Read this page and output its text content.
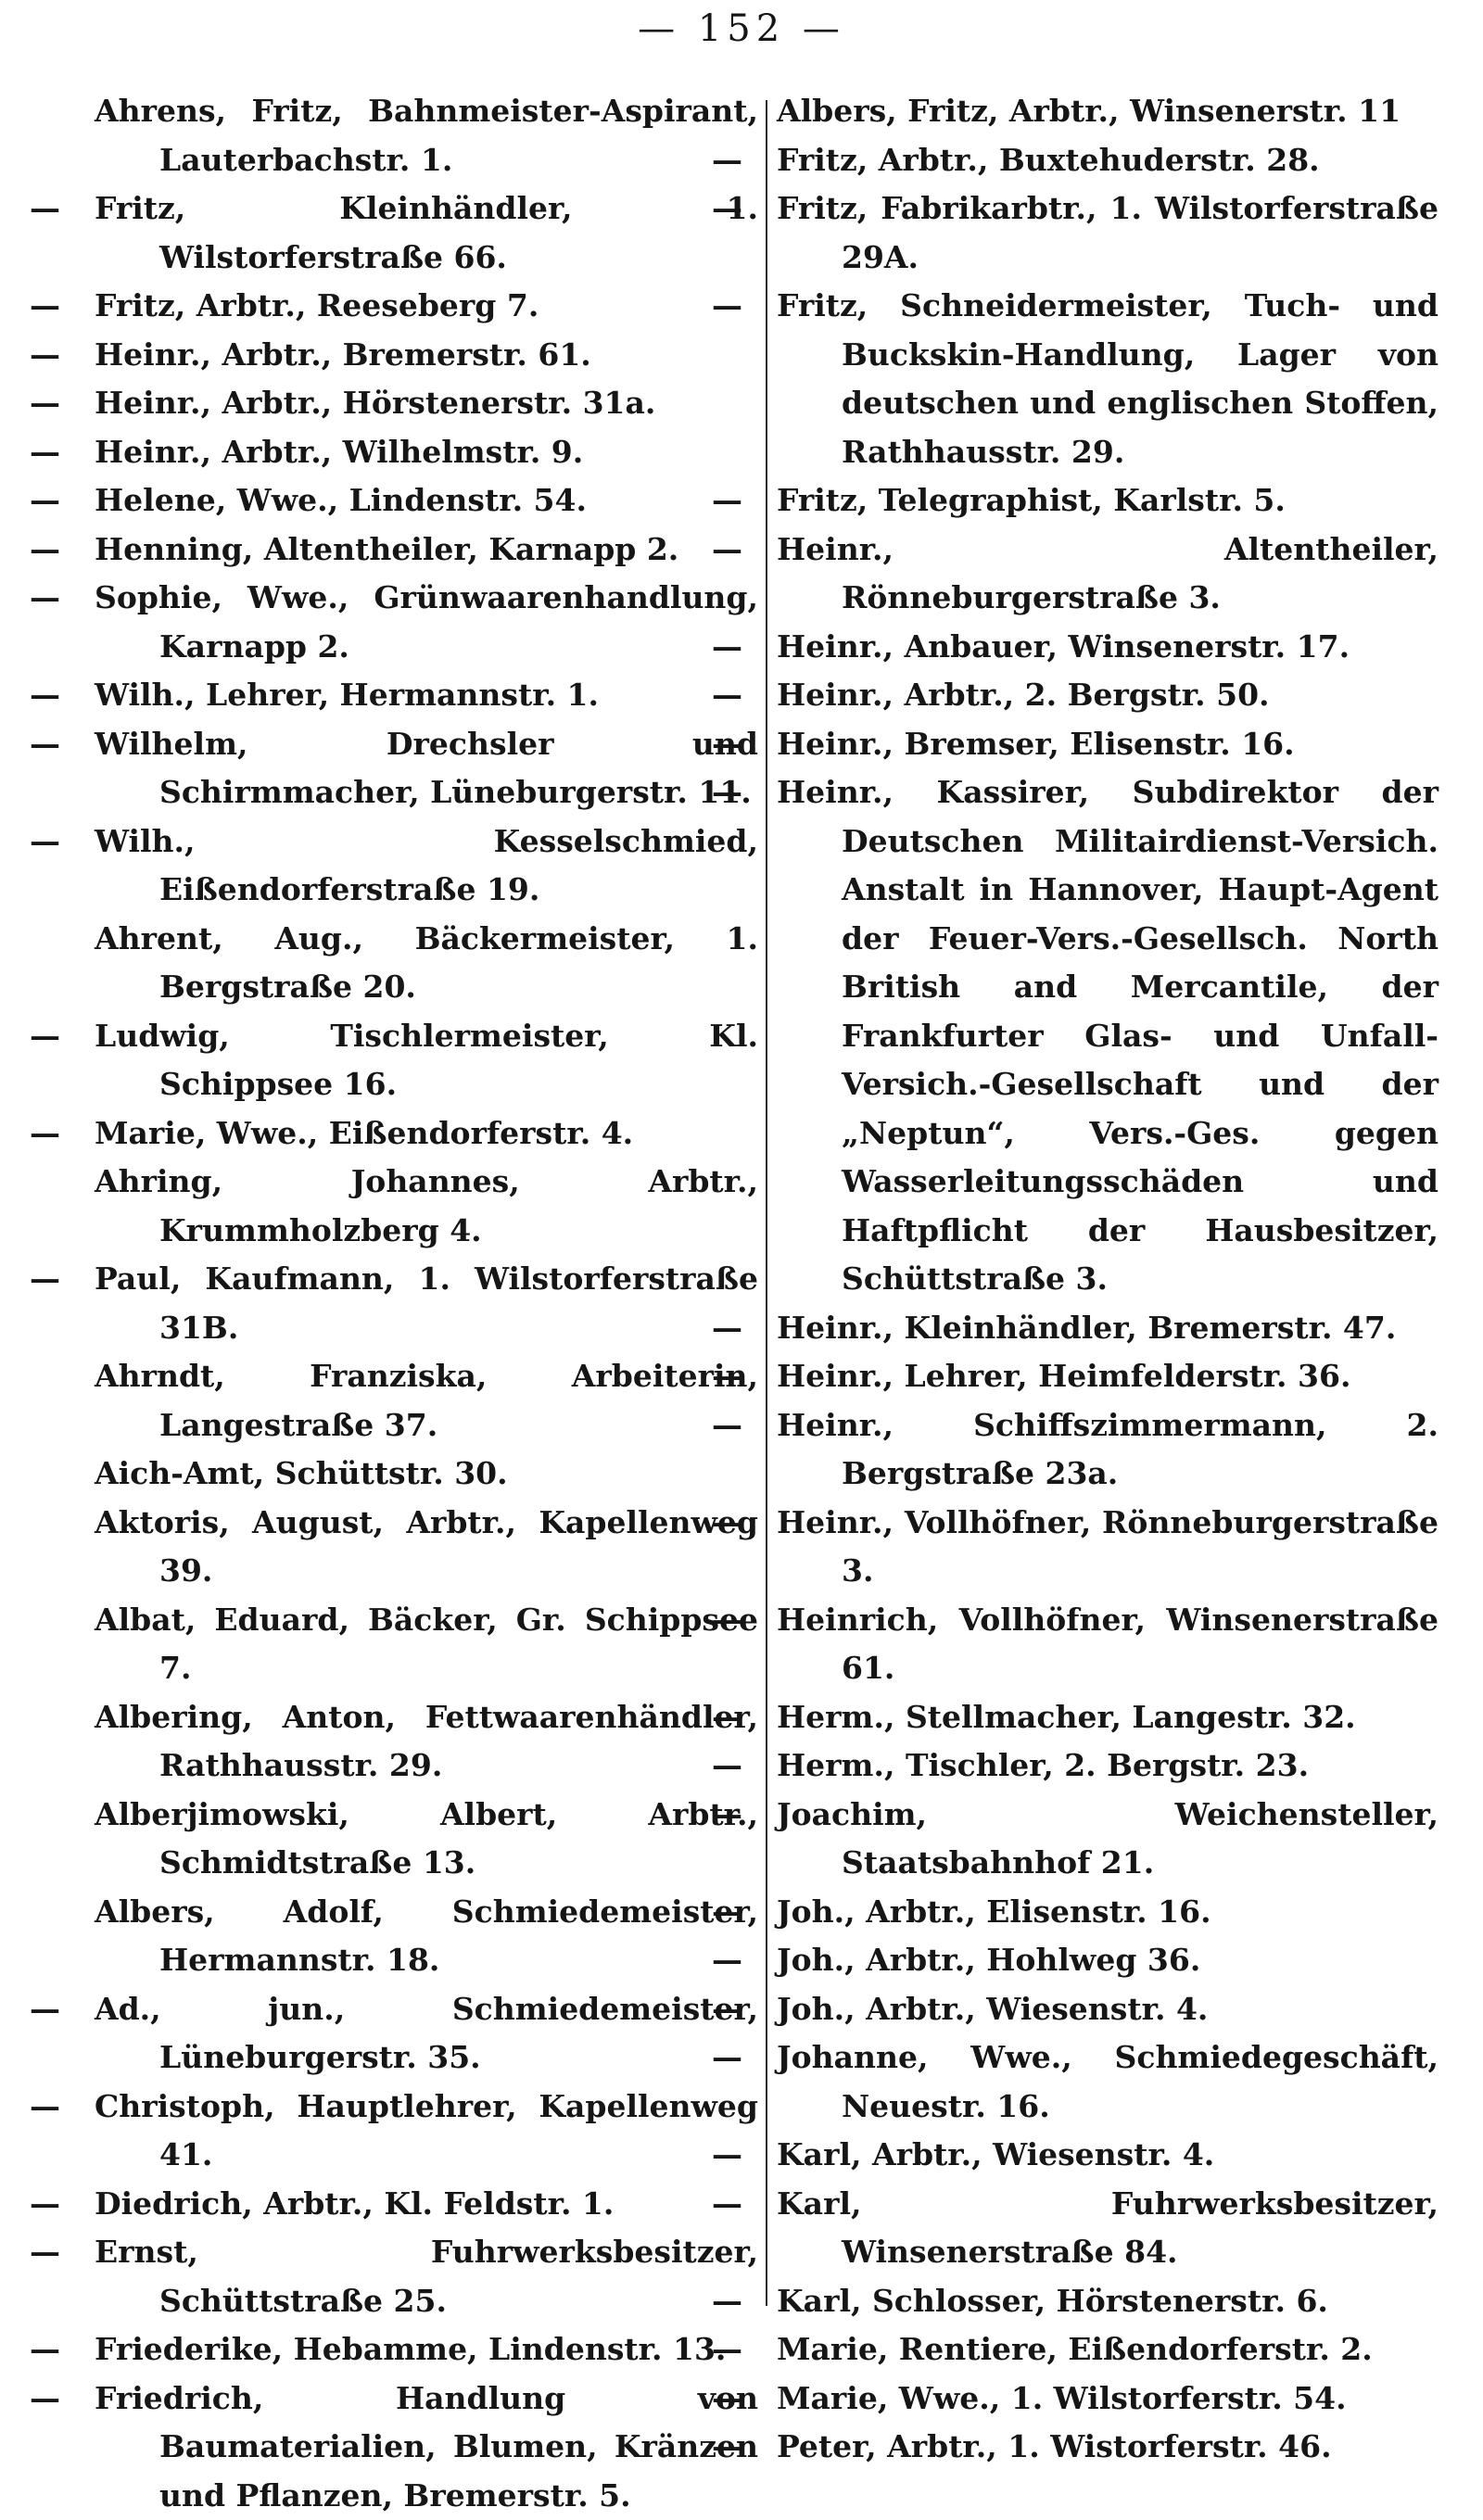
— 152 —
Ahrens, Fritz, Bahnmeister-Aspirant, Lauterbachstr. 1.
—Fritz, Kleinhändler, 1. Wilstorferstraße 66.
—Fritz, Arbtr., Reeseberg 7.
—Heinr., Arbtr., Bremerstr. 61.
—Heinr., Arbtr., Hörstenerstr. 31a.
—Heinr., Arbtr., Wilhelmstr. 9.
—Helene, Wwe., Lindenstr. 54.
—Henning, Altentheiler, Karnapp 2.
—Sophie, Wwe., Grünwaarenhandlung, Karnapp 2.
—Wilh., Lehrer, Hermannstr. 1.
—Wilhelm, Drechsler und Schirmmacher, Lüneburgerstr. 11.
—Wilh., Kesselschmied, Eißendorferstraße 19.
Ahrent, Aug., Bäckermeister, 1. Bergstraße 20.
—Ludwig, Tischlermeister, Kl. Schippsee 16.
—Marie, Wwe., Eißendorferstr. 4.
Ahring, Johannes, Arbtr., Krummholzberg 4.
—Paul, Kaufmann, 1. Wilstorferstraße 31B.
Ahrndt, Franziska, Arbeiterin, Langestraße 37.
Aich-Amt, Schüttstr. 30.
Aktoris, August, Arbtr., Kapellenweg 39.
Albat, Eduard, Bäcker, Gr. Schippsee 7.
Albering, Anton, Fettwaarenhändler, Rathhausstr. 29.
Alberjimowski, Albert, Arbtr., Schmidtstraße 13.
Albers, Adolf, Schmiedemeister, Hermannstr. 18.
—Ad., jun., Schmiedemeister, Lüneburgerstr. 35.
—Christoph, Hauptlehrer, Kapellenweg 41.
—Diedrich, Arbtr., Kl. Feldstr. 1.
—Ernst, Fuhrwerksbesitzer, Schüttstraße 25.
—Friederike, Hebamme, Lindenstr. 13.
—Friedrich, Handlung von Baumaterialien, Blumen, Kränzen und Pflanzen, Bremerstr. 5.
Albers, Fritz, Arbtr., Winsenerstr. 11
—Fritz, Arbtr., Buxtehuderstr. 28.
—Fritz, Fabrikarbtr., 1. Wilstorferstraße 29A.
—Fritz, Schneidermeister, Tuch- und Buckskin-Handlung, Lager von deutschen und englischen Stoffen, Rathhausstr. 29.
—Fritz, Telegraphist, Karlstr. 5.
—Heinr., Altentheiler, Rönneburgerstraße 3.
—Heinr., Anbauer, Winsenerstr. 17.
—Heinr., Arbtr., 2. Bergstr. 50.
—Heinr., Bremser, Elisenstr. 16.
—Heinr., Kassirer, Subdirektor der Deutschen Militairdienst-Versich. Anstalt in Hannover, Haupt-Agent der Feuer-Vers.-Gesellsch. North British and Mercantile, der Frankfurter Glas- und Unfall-Versich.-Gesellschaft und der „Neptun“, Vers.-Ges. gegen Wasserleitungsschäden und Haftpflicht der Hausbesitzer, Schüttstraße 3.
—Heinr., Kleinhändler, Bremerstr. 47.
—Heinr., Lehrer, Heimfelderstr. 36.
—Heinr., Schiffszimmermann, 2. Bergstraße 23a.
—Heinr., Vollhöfner, Rönneburgerstraße 3.
—Heinrich, Vollhöfner, Winsenerstraße 61.
—Herm., Stellmacher, Langestr. 32.
—Herm., Tischler, 2. Bergstr. 23.
—Joachim, Weichensteller, Staatsbahnhof 21.
—Joh., Arbtr., Elisenstr. 16.
—Joh., Arbtr., Hohlweg 36.
—Joh., Arbtr., Wiesenstr. 4.
—Johanne, Wwe., Schmiedegeschäft, Neuestr. 16.
—Karl, Arbtr., Wiesenstr. 4.
—Karl, Fuhrwerksbesitzer, Winsenerstraße 84.
—Karl, Schlosser, Hörstenerstr. 6.
—Marie, Rentiere, Eißendorferstr. 2.
—Marie, Wwe., 1. Wilstorferstr. 54.
—Peter, Arbtr., 1. Wistorferstr. 46.
